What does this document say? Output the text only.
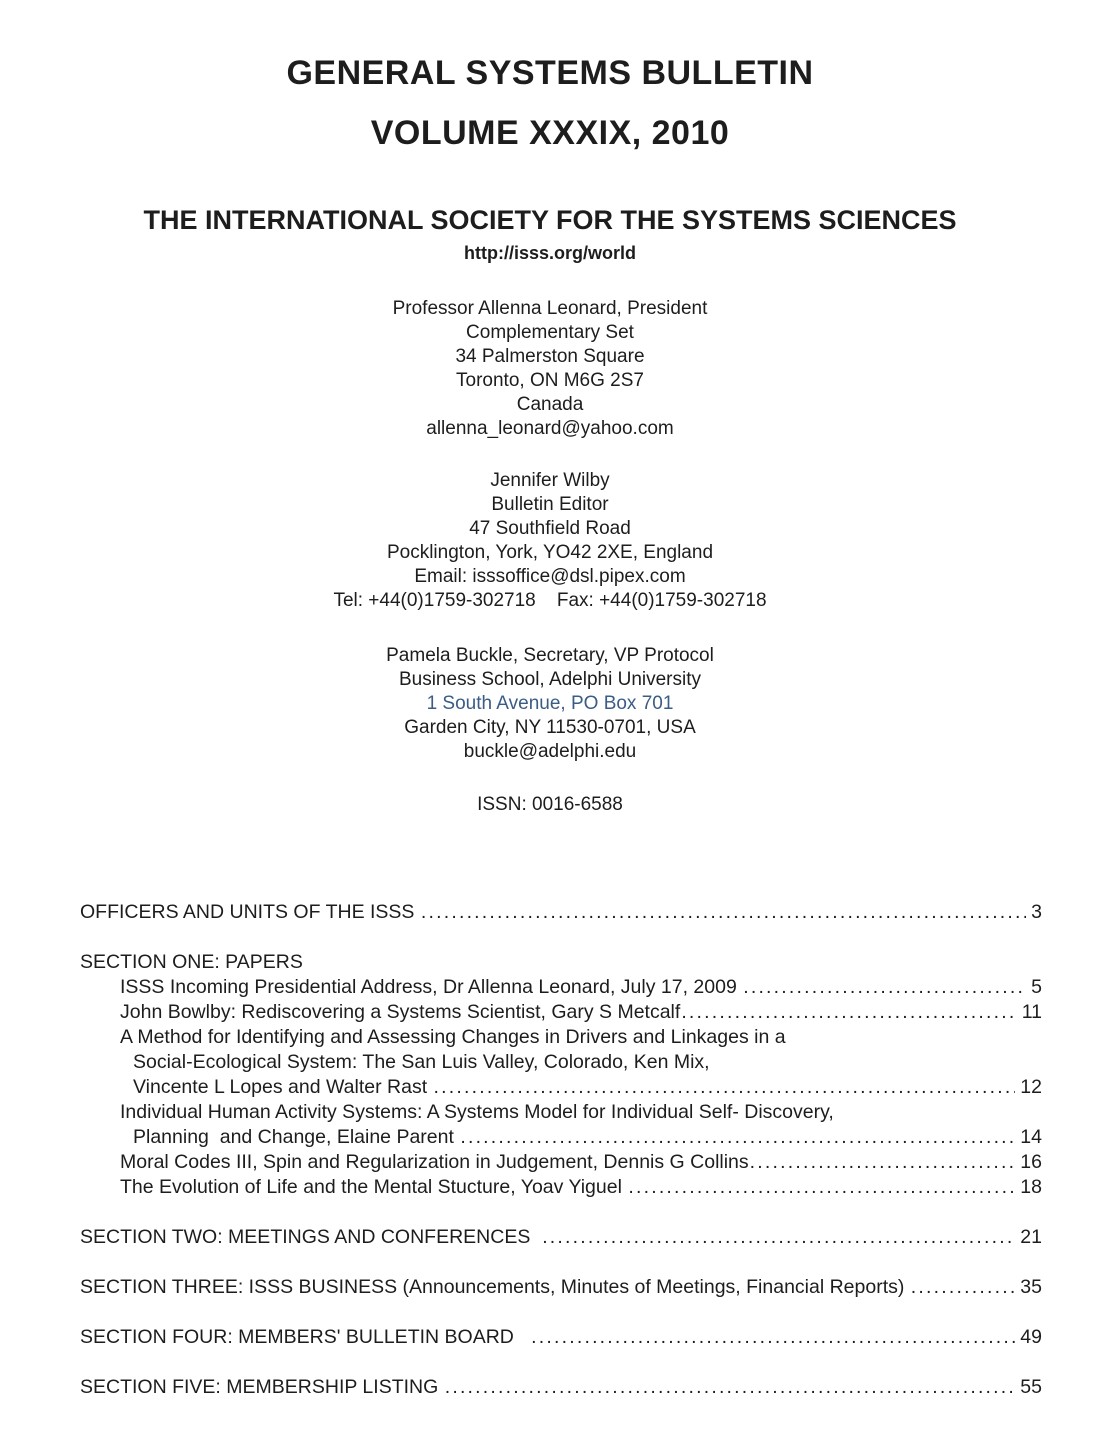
GENERAL SYSTEMS BULLETIN
VOLUME XXXIX, 2010
THE INTERNATIONAL SOCIETY FOR THE SYSTEMS SCIENCES
http://isss.org/world
Professor Allenna Leonard, President
Complementary Set
34 Palmerston Square
Toronto, ON M6G 2S7
Canada
allenna_leonard@yahoo.com
Jennifer Wilby
Bulletin Editor
47 Southfield Road
Pocklington, York, YO42 2XE, England
Email: isssoffice@dsl.pipex.com
Tel: +44(0)1759-302718    Fax: +44(0)1759-302718
Pamela Buckle, Secretary, VP Protocol
Business School, Adelphi University
1 South Avenue, PO Box 701
Garden City, NY 11530-0701, USA
buckle@adelphi.edu
ISSN: 0016-6588
OFFICERS AND UNITS OF THE ISSS .....	3
SECTION ONE: PAPERS
ISSS Incoming Presidential Address, Dr Allenna Leonard, July 17, 2009 .....	5
John Bowlby: Rediscovering a Systems Scientist, Gary S Metcalf .....	11
A Method for Identifying and Assessing Changes in Drivers and Linkages in a
Social-Ecological System: The San Luis Valley, Colorado, Ken Mix,
Vincente L Lopes and Walter Rast .....	12
Individual Human Activity Systems: A Systems Model for Individual Self- Discovery,
Planning  and Change, Elaine Parent .....	14
Moral Codes III, Spin and Regularization in Judgement, Dennis G Collins .....	16
The Evolution of Life and the Mental Stucture, Yoav Yiguel .....	18
SECTION TWO: MEETINGS AND CONFERENCES .....	21
SECTION THREE: ISSS BUSINESS (Announcements, Minutes of Meetings, Financial Reports) .....	35
SECTION FOUR: MEMBERS' BULLETIN BOARD .....	49
SECTION FIVE: MEMBERSHIP LISTING .....	55
